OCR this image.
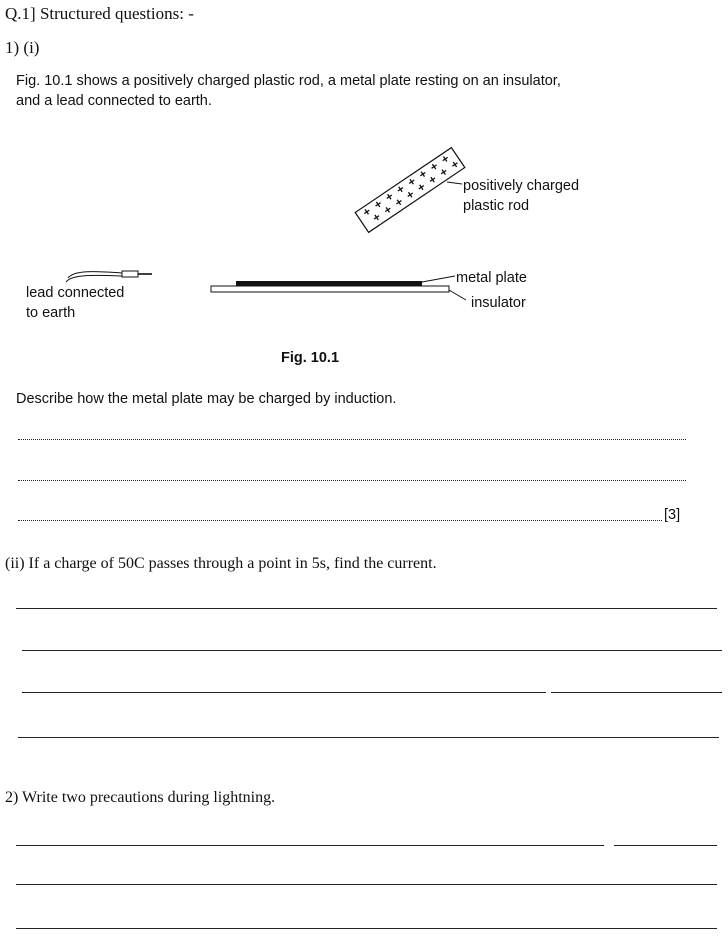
Q.1] Structured questions: -
1) (i)
Fig. 10.1 shows a positively charged plastic rod, a metal plate resting on an insulator,
and a lead connected to earth.
+
+
+
+
+
+
+
+
+
+
+
+
+
+
+
+
positively charged
plastic rod
metal plate
insulator
lead connected
to earth
Fig. 10.1
Describe how the metal plate may be charged by induction.
[3]
(ii) If a charge of 50C passes through a point in 5s, find the current.
2) Write two precautions during lightning.
